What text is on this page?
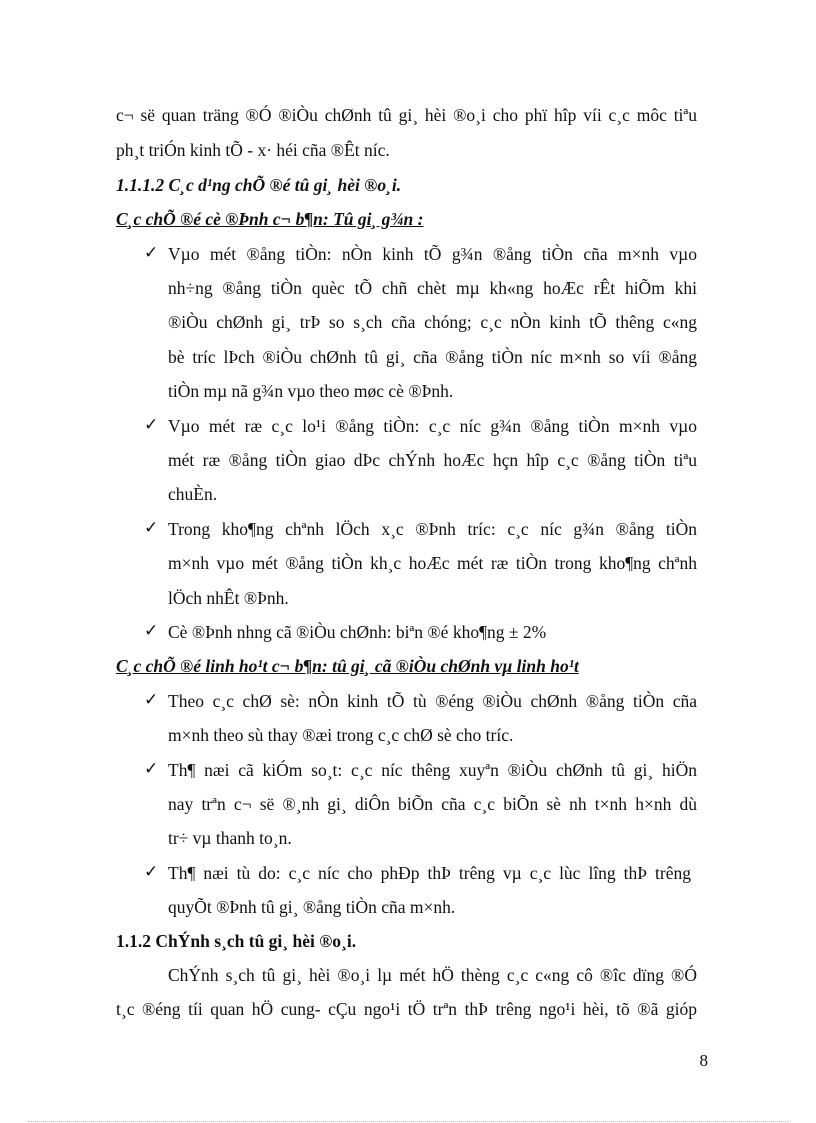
c¬ së quan träng ®Ó ®iÒu chØnh tû gi¸ hèi ®o¸i cho phï hîp víi c¸c môc tiªu
ph¸t triÓn kinh tÕ - x· héi cña ®Êt níc.
1.1.1.2 C¸c d¹ng chÕ ®é tû gi¸ hèi ®o¸i.
C¸c chÕ ®é cè ®Þnh c¬ b¶n: Tû gi¸ g¾n :
✓ Vµo mét ®ång tiÒn: nÒn kinh tÕ g¾n ®ång tiÒn cña m×nh vµo
nh÷ng ®ång tiÒn quèc tÕ chñ chèt mµ kh«ng hoÆc rÊt hiÕm khi
®iÒu chØnh gi¸ trÞ so s¸ch cña chóng; c¸c nÒn kinh tÕ thêng c«ng
bè tríc lÞch ®iÒu chØnh tû gi¸ cña ®ång tiÒn níc m×nh so víi ®ång
tiÒn mµ nã g¾n vµo theo møc cè ®Þnh.
✓ Vµo mét ræ c¸c lo¹i ®ång tiÒn: c¸c níc g¾n ®ång tiÒn m×nh vµo
mét ræ ®ång tiÒn giao dÞc chÝnh hoÆc hçn hîp c¸c ®ång tiÒn tiªu
chuÈn.
✓ Trong kho¶ng chªnh lÖch x¸c ®Þnh tríc: c¸c níc g¾n ®ång tiÒn
m×nh vµo mét ®ång tiÒn kh¸c hoÆc mét ræ tiÒn trong kho¶ng chªnh
lÖch nhÊt ®Þnh.
✓ Cè ®Þnh nhng cã ®iÒu chØnh: biªn ®é kho¶ng ± 2%
C¸c chÕ ®é linh ho¹t c¬ b¶n: tû gi¸ cã ®iÒu chØnh vµ linh ho¹t
✓ Theo c¸c chØ sè: nÒn kinh tÕ tù ®éng ®iÒu chØnh ®ång tiÒn cña
m×nh theo sù thay ®æi trong c¸c chØ sè cho tríc.
✓ Th¶ næi cã kiÓm so¸t: c¸c níc thêng xuyªn ®iÒu chØnh tû gi¸ hiÖn
nay trªn c¬ së ®¸nh gi¸ diÔn biÕn cña c¸c biÕn sè nh t×nh h×nh dù
tr÷ vµ thanh to¸n.
✓ Th¶ næi tù do: c¸c níc cho phÐp thÞ trêng vµ c¸c lùc lîng thÞ trêng
quyÕt ®Þnh tû gi¸ ®ång tiÒn cña m×nh.
1.1.2 ChÝnh s¸ch tû gi¸ hèi ®o¸i.
ChÝnh s¸ch tû gi¸ hèi ®o¸i lµ mét hÖ thèng c¸c c«ng cô ®îc dïng ®Ó
t¸c ®éng tíi quan hÖ cung- cÇu ngo¹i tÖ trªn thÞ trêng ngo¹i hèi, tõ ®ã gióp
8
